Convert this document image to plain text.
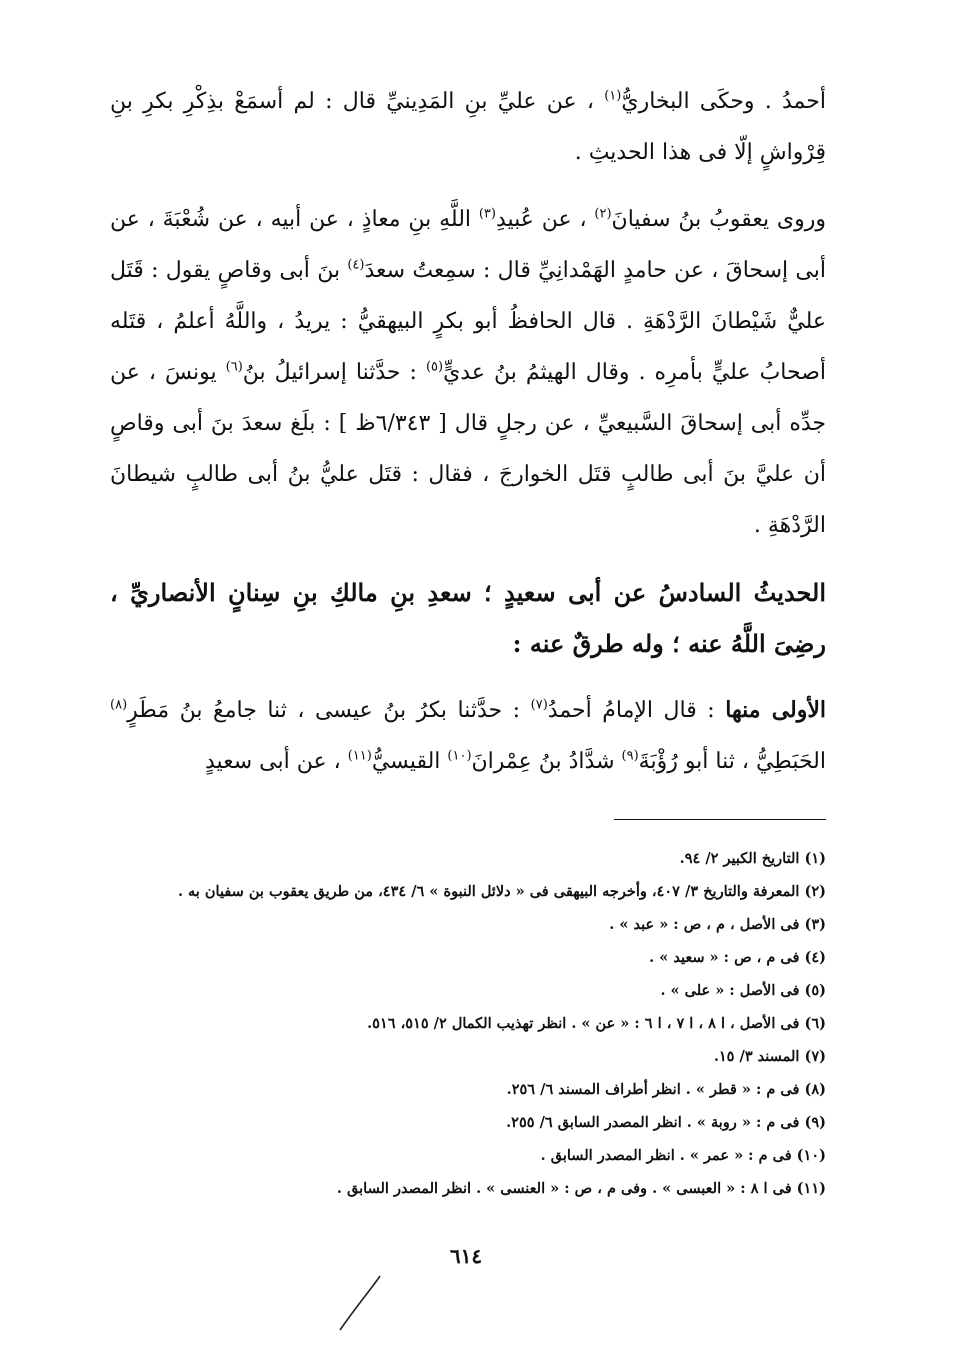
أحمدُ . وحكَى البخاريُّ$^{(١)}$ ، عن عليِّ بنِ المَدِينيِّ قال : لم أسمَعْ بذِكْرِ بكرِ بنِ قِرْواشٍ إلّا فى هذا الحديثِ .

وروى يعقوبُ بنُ سفيانَ$^{(٢)}$ ، عن عُبيدِ$^{(٣)}$ اللَّهِ بنِ معاذٍ ، عن أبيه ، عن شُعْبَةَ ، عن أبى إسحاقَ ، عن حامدٍ الهَمْدانِيِّ قال : سمِعتُ سعدَ$^{(٤)}$ بنَ أبى وقاصٍ يقول : قَتَل عليٌّ شَيْطانَ الرَّدْهَةِ . قال الحافظُ أبو بكرٍ البيهقيُّ : يريدُ ، واللَّهُ أعلمُ ، قتَله أصحابُ عليٍّ بأمرِه . وقال الهيثمُ بنُ عديٍّ$^{(٥)}$ : حدَّثنا إسرائيلُ بنُ$^{(٦)}$ يونسَ ، عن جدِّه أبى إسحاقَ السَّبيعيِّ ، عن رجلٍ قال [ ٦/٣٤٣ظ ] : بلَغ سعدَ بنَ أبى وقاصٍ أن عليَّ بنَ أبى طالبٍ قتَل الخوارجَ ، فقال : قتَل عليُّ بنُ أبى طالبٍ شيطانَ الرَّدْهَةِ .

الحديثُ السادسُ عن أبى سعيدٍ ؛ سعدِ بنِ مالكِ بنِ سِنانٍ الأنصاريِّ ، رضِىَ اللَّهُ عنه ؛ وله طرقٌ عنه :

الأولى منها : قال الإمامُ أحمدُ$^{(٧)}$ : حدَّثنا بكرُ بنُ عيسى ، ثنا جامعُ بنُ مَطَرٍ$^{(٨)}$ الحَبَطِيُّ ، ثنا أبو رُؤْبَةَ$^{(٩)}$ شدَّادُ بنُ عِمْرانَ$^{(١٠)}$ القيسيُّ$^{(١١)}$ ، عن أبى سعيدٍ

(١) التاريخ الكبير ٢/ ٩٤.
(٢) المعرفة والتاريخ ٣/ ٤٠٧، وأخرجه البيهقى فى « دلائل النبوة » ٦/ ٤٣٤، من طريق يعقوب بن سفيان به .
(٣) فى الأصل ، م ، ص : « عبد » .
(٤) فى م ، ص : « سعيد » .
(٥) فى الأصل : « على » .
(٦) فى الأصل ، ا ٨ ، ا ٧ ، ا ٦ : « عن » . انظر تهذيب الكمال ٢/ ٥١٥، ٥١٦.
(٧) المسند ٣/ ١٥.
(٨) فى م : « قطر » . انظر أطراف المسند ٦/ ٢٥٦.
(٩) فى م : « روبة » . انظر المصدر السابق ٦/ ٢٥٥.
(١٠) فى م : « عمر » . انظر المصدر السابق .
(١١) فى ا ٨ : « العبسى » . وفى م ، ص : « العنسى » . انظر المصدر السابق .
٦١٤
